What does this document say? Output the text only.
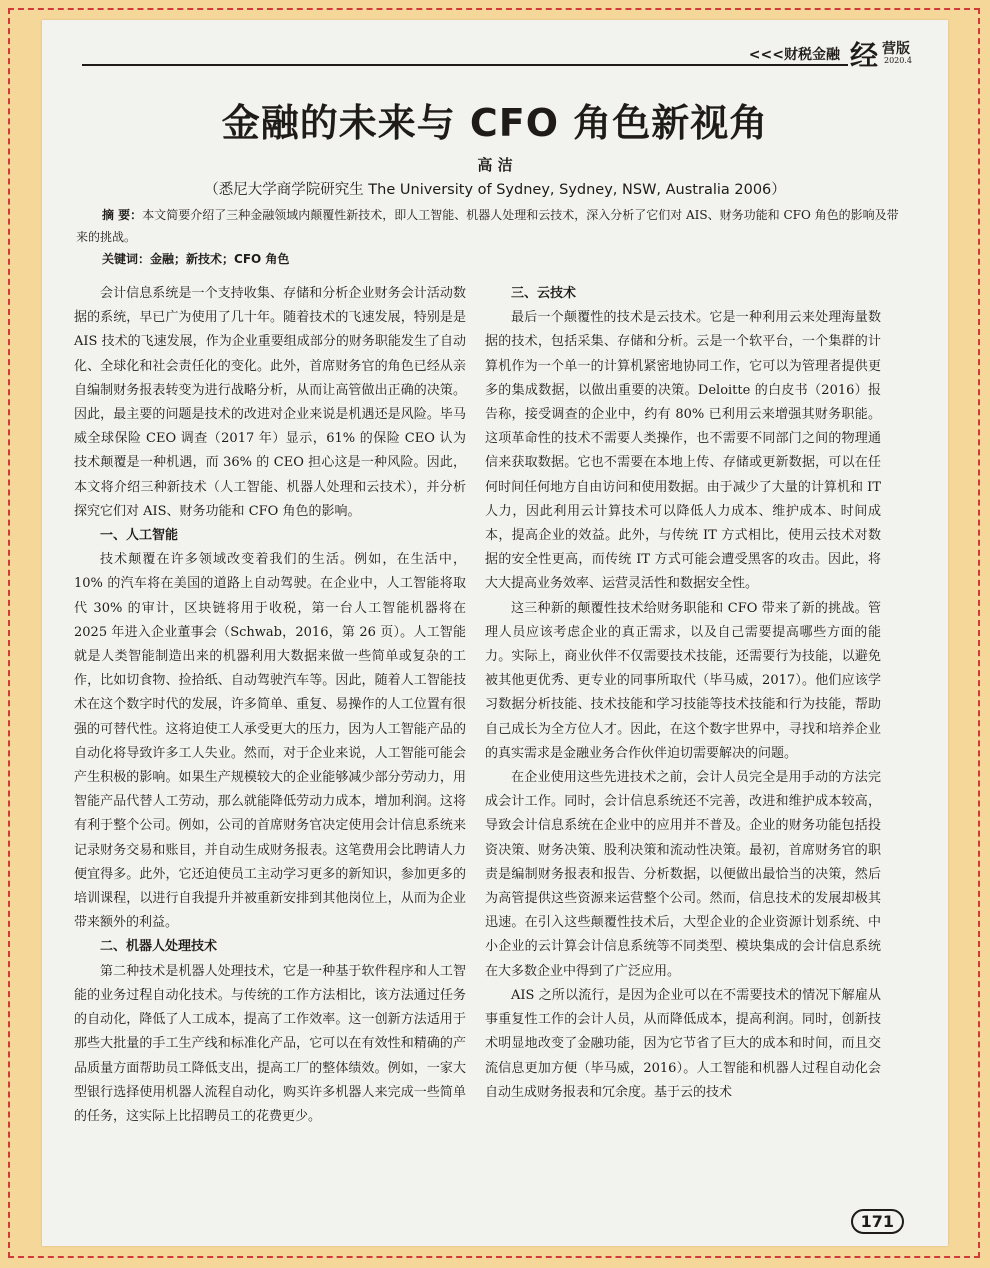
<<<财税金融 经 营版
2020.4
金融的未来与 CFO 角色新视角
高 洁
（悉尼大学商学院研究生 The University of Sydney, Sydney, NSW, Australia 2006）
摘 要：本文简要介绍了三种金融领域内颠覆性新技术，即人工智能、机器人处理和云技术，深入分析了它们对 AIS、财务功能和 CFO 角色的影响及带来的挑战。
关键词：金融；新技术；CFO 角色

会计信息系统是一个支持收集、存储和分析企业财务会计活动数据的系统，早已广为使用了几十年。随着技术的飞速发展，特别是是 AIS 技术的飞速发展，作为企业重要组成部分的财务职能发生了自动化、全球化和社会责任化的变化。此外，首席财务官的角色已经从亲自编制财务报表转变为进行战略分析，从而让高管做出正确的决策。因此，最主要的问题是技术的改进对企业来说是机遇还是风险。毕马威全球保险 CEO 调查（2017 年）显示，61% 的保险 CEO 认为技术颠覆是一种机遇，而 36% 的 CEO 担心这是一种风险。因此，本文将介绍三种新技术（人工智能、机器人处理和云技术），并分析探究它们对 AIS、财务功能和 CFO 角色的影响。

一、人工智能

技术颠覆在许多领域改变着我们的生活。例如，在生活中，10% 的汽车将在美国的道路上自动驾驶。在企业中，人工智能将取代 30% 的审计，区块链将用于收税，第一台人工智能机器将在 2025 年进入企业董事会（Schwab，2016，第 26 页）。人工智能就是人类智能制造出来的机器利用大数据来做一些简单或复杂的工作，比如切食物、捡拾纸、自动驾驶汽车等。因此，随着人工智能技术在这个数字时代的发展，许多简单、重复、易操作的人工位置有很强的可替代性。这将迫使工人承受更大的压力，因为人工智能产品的自动化将导致许多工人失业。然而，对于企业来说，人工智能可能会产生积极的影响。如果生产规模较大的企业能够减少部分劳动力，用智能产品代替人工劳动，那么就能降低劳动力成本，增加利润。这将有利于整个公司。例如，公司的首席财务官决定使用会计信息系统来记录财务交易和账目，并自动生成财务报表。这笔费用会比聘请人力便宜得多。此外，它还迫使员工主动学习更多的新知识，参加更多的培训课程，以进行自我提升并被重新安排到其他岗位上，从而为企业带来额外的利益。

二、机器人处理技术

第二种技术是机器人处理技术，它是一种基于软件程序和人工智能的业务过程自动化技术。与传统的工作方法相比，该方法通过任务的自动化，降低了人工成本，提高了工作效率。这一创新方法适用于那些大批量的手工生产线和标准化产品，它可以在有效性和精确的产品质量方面帮助员工降低支出，提高工厂的整体绩效。例如，一家大型银行选择使用机器人流程自动化，购买许多机器人来完成一些简单的任务，这实际上比招聘员工的花费更少。

三、云技术

最后一个颠覆性的技术是云技术。它是一种利用云来处理海量数据的技术，包括采集、存储和分析。云是一个软平台，一个集群的计算机作为一个单一的计算机紧密地协同工作，它可以为管理者提供更多的集成数据，以做出重要的决策。Deloitte 的白皮书（2016）报告称，接受调查的企业中，约有 80% 已利用云来增强其财务职能。这项革命性的技术不需要人类操作，也不需要不同部门之间的物理通信来获取数据。它也不需要在本地上传、存储或更新数据，可以在任何时间任何地方自由访问和使用数据。由于减少了大量的计算机和 IT 人力，因此利用云计算技术可以降低人力成本、维护成本、时间成本，提高企业的效益。此外，与传统 IT 方式相比，使用云技术对数据的安全性更高，而传统 IT 方式可能会遭受黑客的攻击。因此，将大大提高业务效率、运营灵活性和数据安全性。

这三种新的颠覆性技术给财务职能和 CFO 带来了新的挑战。管理人员应该考虑企业的真正需求，以及自己需要提高哪些方面的能力。实际上，商业伙伴不仅需要技术技能，还需要行为技能，以避免被其他更优秀、更专业的同事所取代（毕马威，2017）。他们应该学习数据分析技能、技术技能和学习技能等技术技能和行为技能，帮助自己成长为全方位人才。因此，在这个数字世界中，寻找和培养企业的真实需求是金融业务合作伙伴迫切需要解决的问题。

在企业使用这些先进技术之前，会计人员完全是用手动的方法完成会计工作。同时，会计信息系统还不完善，改进和维护成本较高，导致会计信息系统在企业中的应用并不普及。企业的财务功能包括投资决策、财务决策、股利决策和流动性决策。最初，首席财务官的职责是编制财务报表和报告、分析数据，以便做出最恰当的决策，然后为高管提供这些资源来运营整个公司。然而，信息技术的发展却极其迅速。在引入这些颠覆性技术后，大型企业的企业资源计划系统、中小企业的云计算会计信息系统等不同类型、模块集成的会计信息系统在大多数企业中得到了广泛应用。

AIS 之所以流行，是因为企业可以在不需要技术的情况下解雇从事重复性工作的会计人员，从而降低成本，提高利润。同时，创新技术明显地改变了金融功能，因为它节省了巨大的成本和时间，而且交流信息更加方便（毕马威，2016）。人工智能和机器人过程自动化会自动生成财务报表和冗余度。基于云的技术

171
